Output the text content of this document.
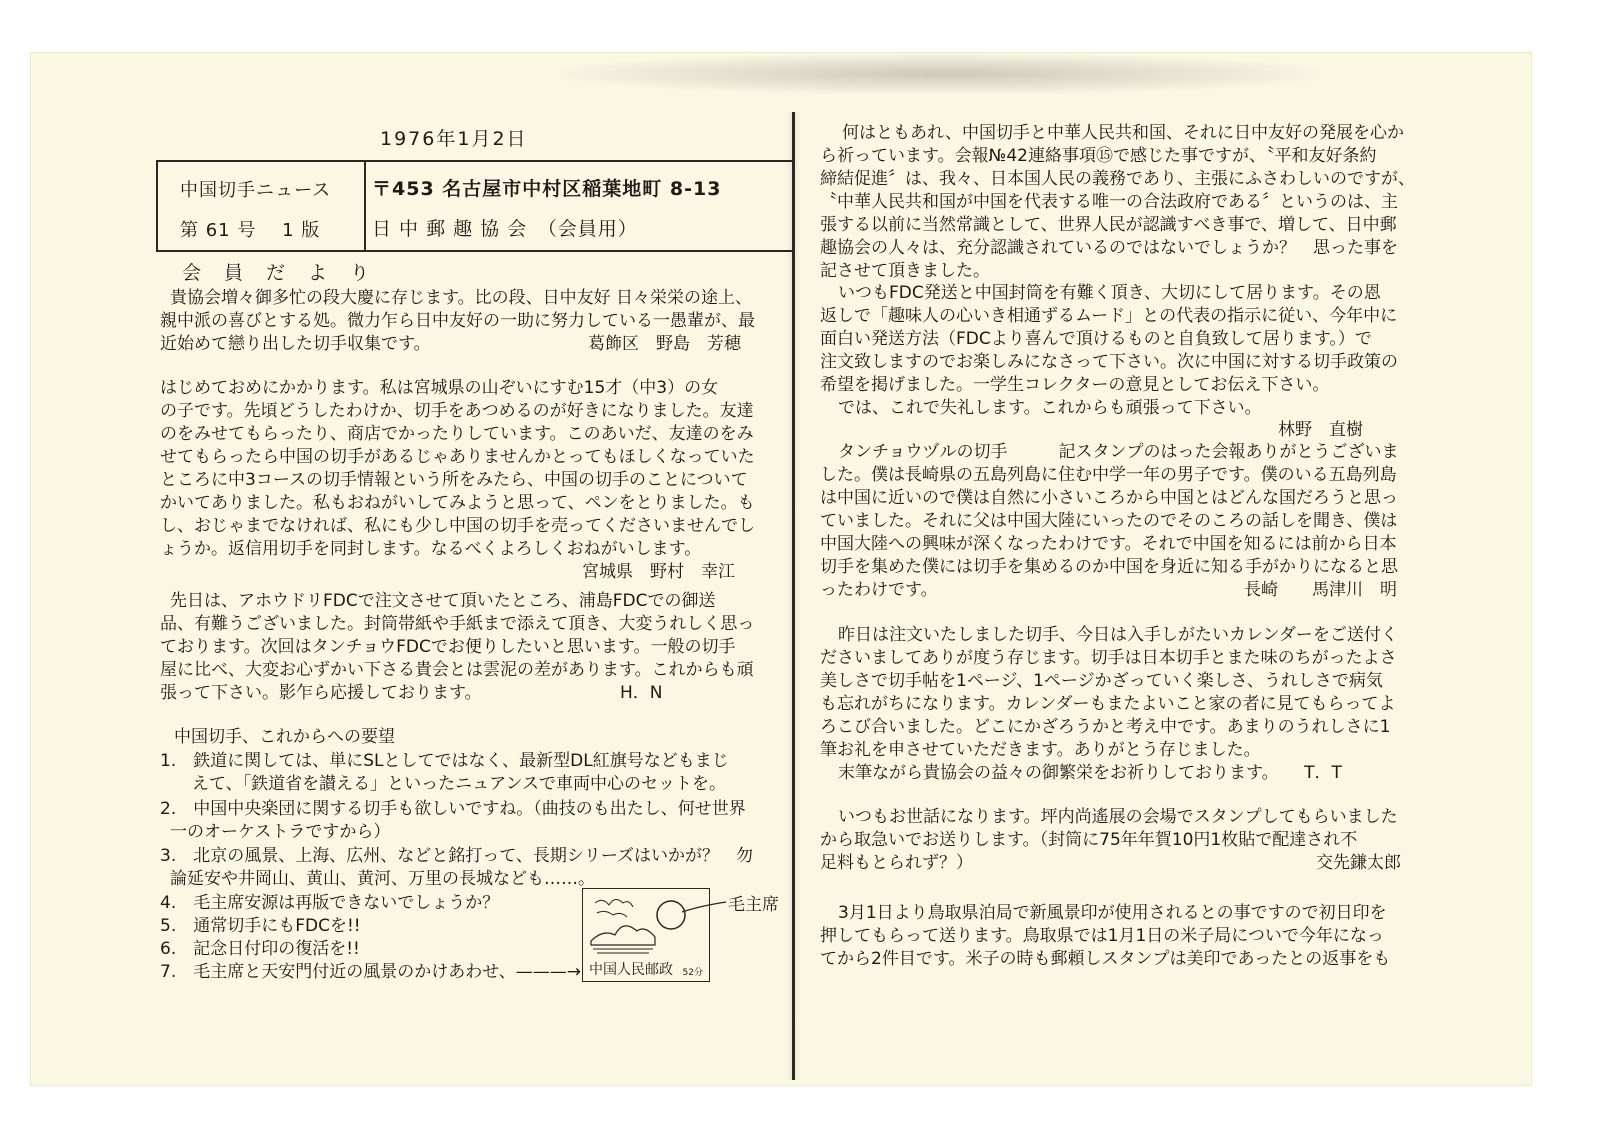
1976年1月2日
中国切手ニュース
第 61 号　 1 版
〒453 名古屋市中村区稲葉地町 8-13
日 中 郵 趣 協 会　（会員用）
会　員　だ　よ　り
貴協会増々御多忙の段大慶に存じます。比の段、日中友好 日々栄栄の途上、
親中派の喜びとする処。微力乍ら日中友好の一助に努力している一愚輩が、最
近始めて戀り出した切手収集です。	葛飾区　野島　芳穂
はじめておめにかかります。私は宮城県の山ぞいにすむ15才（中3）の女
の子です。先頃どうしたわけか、切手をあつめるのが好きになりました。友達
のをみせてもらったり、商店でかったりしています。このあいだ、友達のをみ
せてもらったら中国の切手があるじゃありませんかとってもほしくなっていた
ところに中3コースの切手情報という所をみたら、中国の切手のことについて
かいてありました。私もおねがいしてみようと思って、ペンをとりました。も
し、おじゃまでなければ、私にも少し中国の切手を売ってくださいませんでし
ょうか。返信用切手を同封します。なるべくよろしくおねがいします。
宮城県　野村　幸江
先日は、アホウドリFDCで注文させて頂いたところ、浦島FDCでの御送
品、有難うございました。封筒帯紙や手紙まで添えて頂き、大変うれしく思っ
ております。次回はタンチョウFDCでお便りしたいと思います。一般の切手
屋に比べ、大変お心ずかい下さる貴会とは雲泥の差があります。これからも頑
張って下さい。影乍ら応援しております。	H．N
中国切手、これからへの要望
1.　鉄道に関しては、単にSLとしてではなく、最新型DL紅旗号などもまじ
えて、「鉄道省を讃える」といったニュアンスで車両中心のセットを。
2.　中国中央楽団に関する切手も欲しいですね。（曲技のも出たし、何せ世界
一のオーケストラですから）
3.　北京の風景、上海、広州、などと銘打って、長期シリーズはいかが？　勿
論延安や井岡山、黄山、黄河、万里の長城なども……。
4.　毛主席安源は再版できないでしょうか？
5.　通常切手にもFDCを!!
6.　記念日付印の復活を!!
7.　毛主席と天安門付近の風景のかけあわせ、———→ 中国人民邮政 52分
毛主席
何はともあれ、中国切手と中華人民共和国、それに日中友好の発展を心か
ら祈っています。会報№42連絡事項⑮で感じた事ですが、〝平和友好条約
締結促進〞は、我々、日本国人民の義務であり、主張にふさわしいのですが、
〝中華人民共和国が中国を代表する唯一の合法政府である〞というのは、主
張する以前に当然常識として、世界人民が認識すべき事で、増して、日中郵
趣協会の人々は、充分認識されているのではないでしょうか？　思った事を
記させて頂きました。
いつもFDC発送と中国封筒を有難く頂き、大切にして居ります。その恩
返しで「趣味人の心いき相通ずるムード」との代表の指示に従い、今年中に
面白い発送方法（FDCより喜んで頂けるものと自負致して居ります。）で
注文致しますのでお楽しみになさって下さい。次に中国に対する切手政策の
希望を掲げました。一学生コレクターの意見としてお伝え下さい。
では、これで失礼します。これからも頑張って下さい。
林野　直樹
タンチョウヅルの切手　　　記スタンプのはった会報ありがとうございま
した。僕は長崎県の五島列島に住む中学一年の男子です。僕のいる五島列島
は中国に近いので僕は自然に小さいころから中国とはどんな国だろうと思っ
ていました。それに父は中国大陸にいったのでそのころの話しを聞き、僕は
中国大陸への興味が深くなったわけです。それで中国を知るには前から日本
切手を集めた僕には切手を集めるのか中国を身近に知る手がかりになると思
ったわけです。	長崎　　馬津川　明
昨日は注文いたしました切手、今日は入手しがたいカレンダーをご送付く
ださいましてありが度う存じます。切手は日本切手とまた味のちがったよさ
美しさで切手帖を1ページ、1ページかざっていく楽しさ、うれしさで病気
も忘れがちになります。カレンダーもまたよいこと家の者に見てもらってよ
ろこび合いました。どこにかざろうかと考え中です。あまりのうれしさに1
筆お礼を申させていただきます。ありがとう存じました。
末筆ながら貴協会の益々の御繁栄をお祈りしております。　　T．T
いつもお世話になります。坪内尚遙展の会場でスタンプしてもらいました
から取急いでお送りします。（封筒に75年年賀10円1枚貼で配達され不
足料もとられず？）	交先鎌太郎
3月1日より鳥取県泊局で新風景印が使用されるとの事ですので初日印を
押してもらって送ります。鳥取県では1月1日の米子局についで今年になっ
てから2件目です。米子の時も郵頼しスタンプは美印であったとの返事をも
